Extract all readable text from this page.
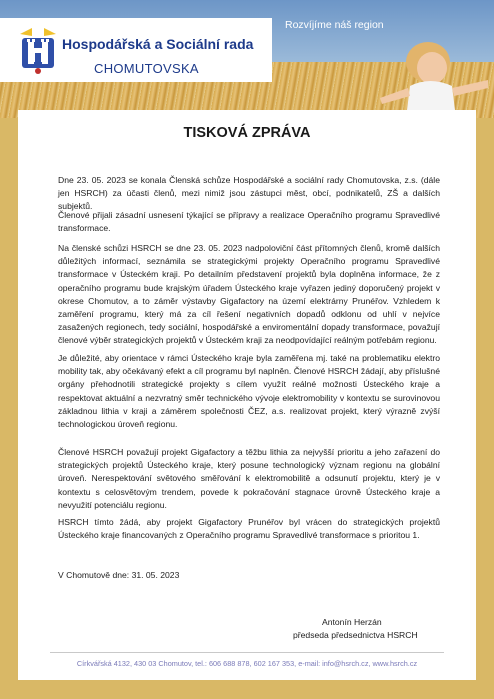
Hospodářská a Sociální rada
CHOMUTOVSKA
Rozvíjíme náš region
TISKOVÁ ZPRÁVA
Dne 23. 05. 2023 se konala Členská schůze Hospodářské a sociální rady Chomutovska, z.s. (dále jen HSRCH) za účasti členů, mezi nimiž jsou zástupci měst, obcí, podnikatelů, ZŠ a dalších subjektů.
Členové přijali zásadní usnesení týkající se přípravy a realizace Operačního programu Spravedlivé transformace.
Na členské schůzi HSRCH se dne 23. 05. 2023 nadpoloviční část přítomných členů, kromě dalších důležitých informací, seznámila se strategickými projekty Operačního programu Spravedlivé transformace v Ústeckém kraji. Po detailním představení projektů byla doplněna informace, že z operačního programu bude krajským úřadem Ústeckého kraje vyřazen jediný doporučený projekt v okrese Chomutov, a to záměr výstavby Gigafactory na území elektrárny Prunéřov. Vzhledem k zaměření programu, který má za cíl řešení negativních dopadů odklonu od uhlí v nejvíce zasažených regionech, tedy sociální, hospodářské a enviromentální dopady transformace, považují členové výběr strategických projektů v Ústeckém kraji za neodpovídající reálným potřebám regionu.
Je důležité, aby orientace v rámci Ústeckého kraje byla zaměřena mj. také na problematiku elektro mobility tak, aby očekávaný efekt a cíl programu byl naplněn. Členové HSRCH žádají, aby příslušné orgány přehodnotili strategické projekty s cílem využít reálné možnosti Ústeckého kraje a respektovat aktuální a nezvratný směr technického vývoje elektromobility v kontextu se surovinovou základnou lithia v kraji a záměrem společnosti ČEZ, a.s. realizovat projekt, který výrazně zvýší technologickou úroveň regionu.
Členové HSRCH považují projekt Gigafactory a těžbu lithia za nejvyšší prioritu a jeho zařazení do strategických projektů Ústeckého kraje, který posune technologický význam regionu na globální úroveň. Nerespektování světového směřování k elektromobilitě a odsunutí projektu, který je v kontextu s celosvětovým trendem, povede k pokračování stagnace úrovně Ústeckého kraje a nevyužití potenciálu regionu.
HSRCH tímto žádá, aby projekt Gigafactory Prunéřov byl vrácen do strategických projektů Ústeckého kraje financovaných z Operačního programu Spravedlivé transformace s prioritou 1.
V Chomutově dne: 31. 05. 2023
Antonín Herzán
předseda předsednictva HSRCH
Církvářská 4132, 430 03 Chomutov, tel.: 606 688 878, 602 167 353, e-mail: info@hsrch.cz, www.hsrch.cz
